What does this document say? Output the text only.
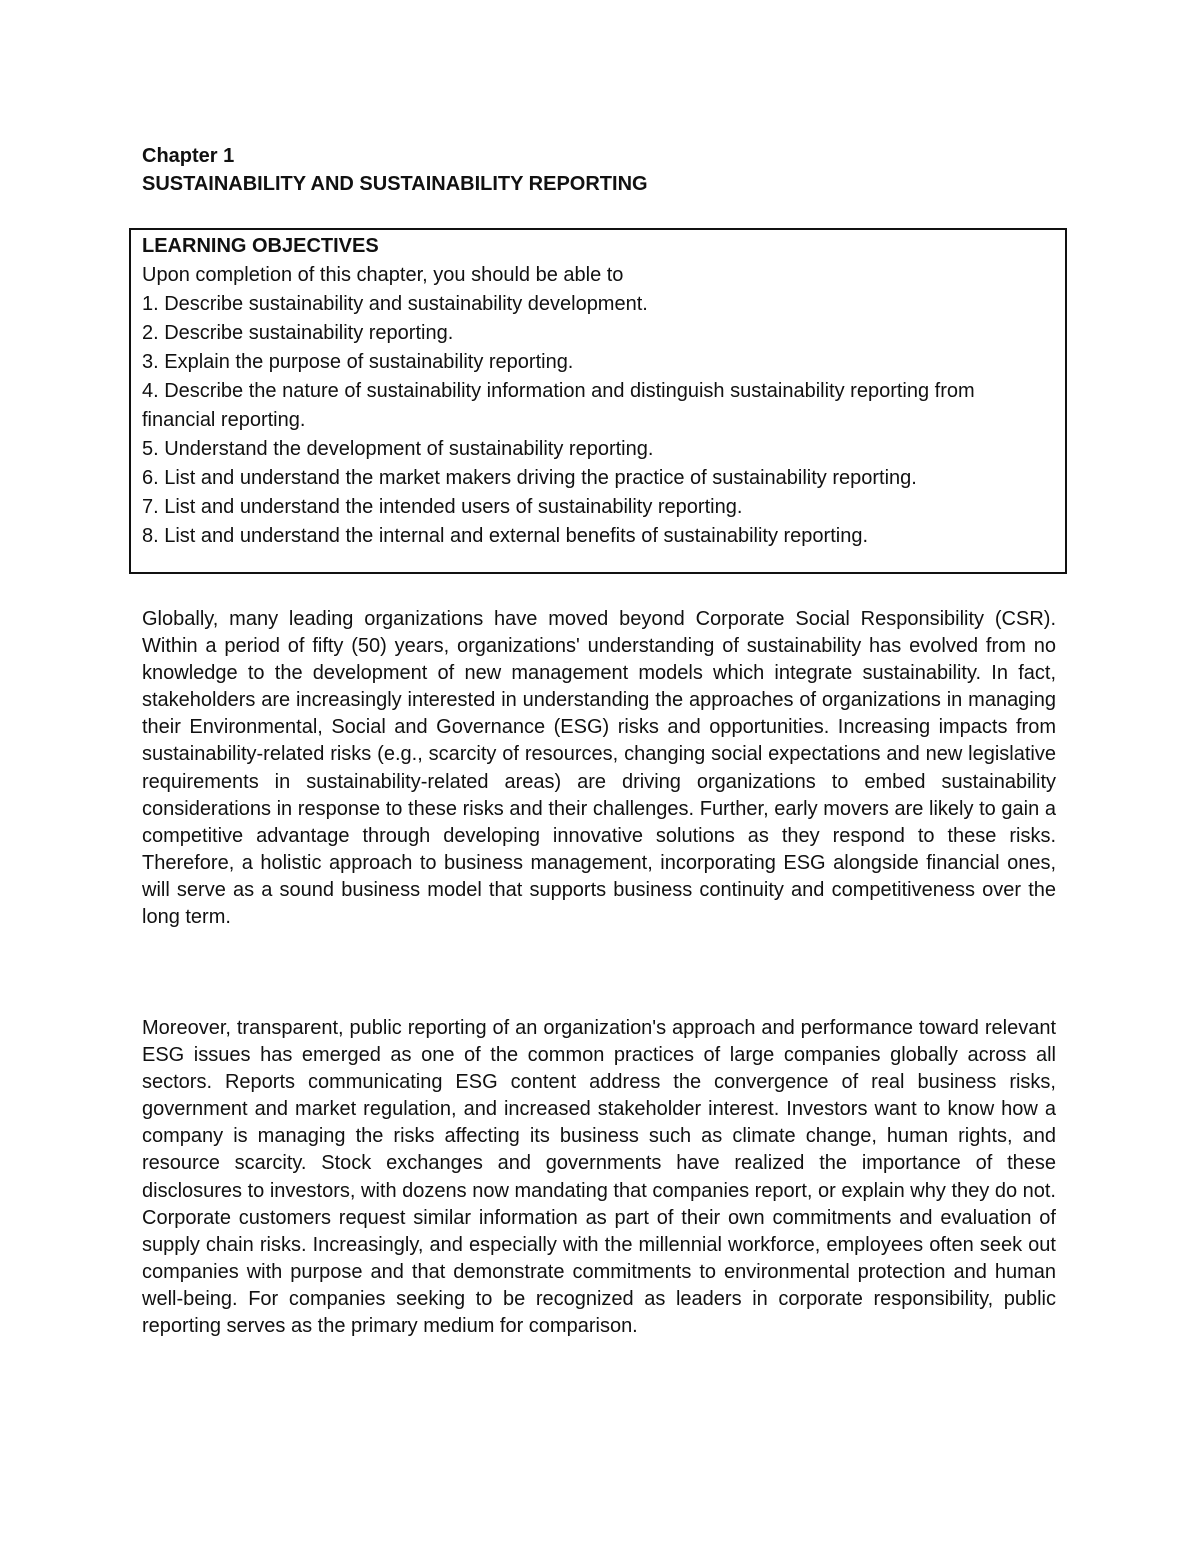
Chapter 1
SUSTAINABILITY AND SUSTAINABILITY REPORTING
LEARNING OBJECTIVES
Upon completion of this chapter, you should be able to
1. Describe sustainability and sustainability development.
2. Describe sustainability reporting.
3. Explain the purpose of sustainability reporting.
4. Describe the nature of sustainability information and distinguish sustainability reporting from financial reporting.
5. Understand the development of sustainability reporting.
6. List and understand the market makers driving the practice of sustainability reporting.
7. List and understand the intended users of sustainability reporting.
8. List and understand the internal and external benefits of sustainability reporting.

Globally, many leading organizations have moved beyond Corporate Social Responsibility (CSR). Within a period of fifty (50) years, organizations' understanding of sustainability has evolved from no knowledge to the development of new management models which integrate sustainability. In fact, stakeholders are increasingly interested in understanding the approaches of organizations in managing their Environmental, Social and Governance (ESG) risks and opportunities. Increasing impacts from sustainability-related risks (e.g., scarcity of resources, changing social expectations and new legislative requirements in sustainability-related areas) are driving organizations to embed sustainability considerations in response to these risks and their challenges. Further, early movers are likely to gain a competitive advantage through developing innovative solutions as they respond to these risks. Therefore, a holistic approach to business management, incorporating ESG alongside financial ones, will serve as a sound business model that supports business continuity and competitiveness over the long term.

Moreover, transparent, public reporting of an organization's approach and performance toward relevant ESG issues has emerged as one of the common practices of large companies globally across all sectors. Reports communicating ESG content address the convergence of real business risks, government and market regulation, and increased stakeholder interest. Investors want to know how a company is managing the risks affecting its business such as climate change, human rights, and resource scarcity. Stock exchanges and governments have realized the importance of these disclosures to investors, with dozens now mandating that companies report, or explain why they do not. Corporate customers request similar information as part of their own commitments and evaluation of supply chain risks. Increasingly, and especially with the millennial workforce, employees often seek out companies with purpose and that demonstrate commitments to environmental protection and human well-being. For companies seeking to be recognized as leaders in corporate responsibility, public reporting serves as the primary medium for comparison.
